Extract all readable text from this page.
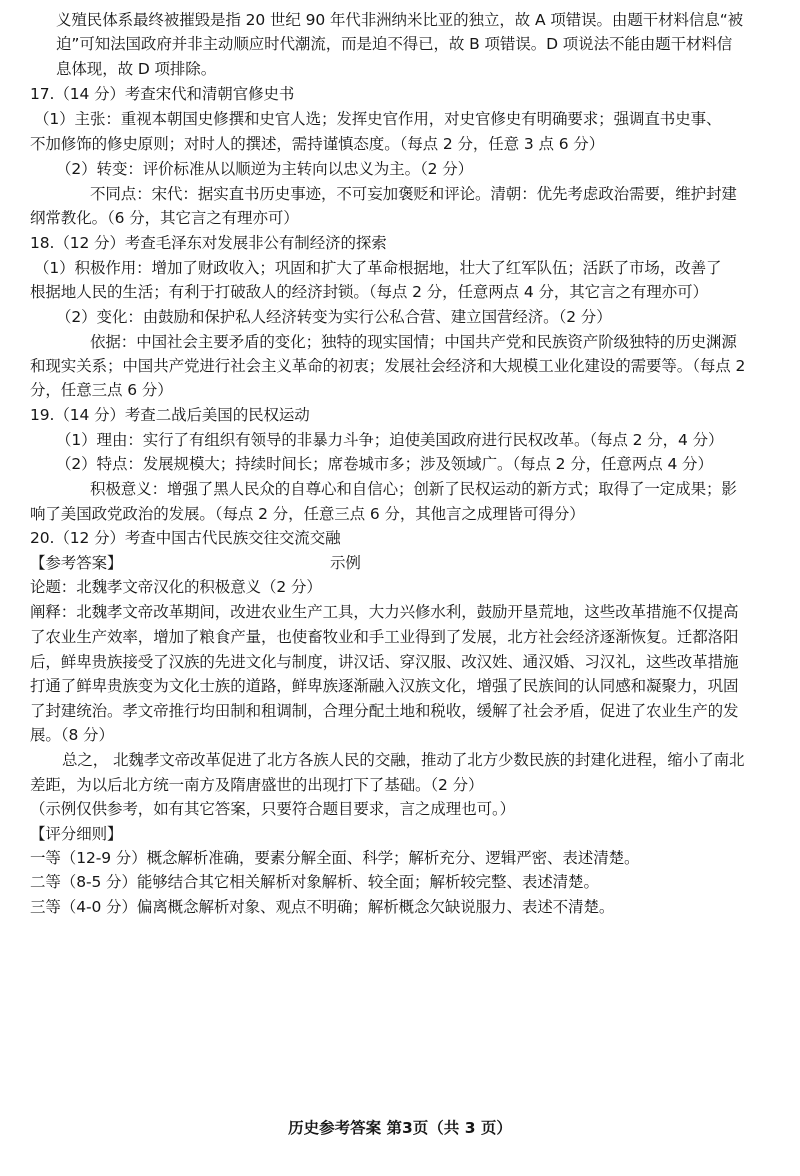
义殖民体系最终被摧毁是指 20 世纪 90 年代非洲纳米比亚的独立，故 A 项错误。由题干材料信息“被
迫”可知法国政府并非主动顺应时代潮流，而是迫不得已，故 B 项错误。D 项说法不能由题干材料信
息体现，故 D 项排除。
17.（14 分）考查宋代和清朝官修史书
（1）主张：重视本朝国史修撰和史官人选；发挥史官作用，对史官修史有明确要求；强调直书史事、
不加修饰的修史原则；对时人的撰述，需持谨慎态度。（每点 2 分，任意 3 点 6 分）
（2）转变：评价标准从以顺逆为主转向以忠义为主。（2 分）
不同点：宋代：据实直书历史事迹，不可妄加褒贬和评论。清朝：优先考虑政治需要，维护封建
纲常教化。（6 分，其它言之有理亦可）
18.（12 分）考查毛泽东对发展非公有制经济的探索
（1）积极作用：增加了财政收入；巩固和扩大了革命根据地，壮大了红军队伍；活跃了市场，改善了
根据地人民的生活；有利于打破敌人的经济封锁。（每点 2 分，任意两点 4 分，其它言之有理亦可）
（2）变化：由鼓励和保护私人经济转变为实行公私合营、建立国营经济。（2 分）
依据：中国社会主要矛盾的变化；独特的现实国情；中国共产党和民族资产阶级独特的历史渊源
和现实关系；中国共产党进行社会主义革命的初衷；发展社会经济和大规模工业化建设的需要等。（每点 2
分，任意三点 6 分）
19.（14 分）考查二战后美国的民权运动
（1）理由：实行了有组织有领导的非暴力斗争；迫使美国政府进行民权改革。（每点 2 分，4 分）
（2）特点：发展规模大；持续时间长；席卷城市多；涉及领域广。（每点 2 分，任意两点 4 分）
积极意义：增强了黑人民众的自尊心和自信心；创新了民权运动的新方式；取得了一定成果；影
响了美国政党政治的发展。（每点 2 分，任意三点 6 分，其他言之成理皆可得分）
20.（12 分）考查中国古代民族交往交流交融
【参考答案】	示例
论题：北魏孝文帝汉化的积极意义（2 分）
阐释：北魏孝文帝改革期间，改进农业生产工具，大力兴修水利，鼓励开垦荒地，这些改革措施不仅提高
了农业生产效率，增加了粮食产量，也使畜牧业和手工业得到了发展，北方社会经济逐渐恢复。迁都洛阳
后，鲜卑贵族接受了汉族的先进文化与制度，讲汉话、穿汉服、改汉姓、通汉婚、习汉礼，这些改革措施
打通了鲜卑贵族变为文化士族的道路，鲜卑族逐渐融入汉族文化，增强了民族间的认同感和凝聚力，巩固
了封建统治。孝文帝推行均田制和租调制，合理分配土地和税收，缓解了社会矛盾，促进了农业生产的发
展。（8 分）
总之， 北魏孝文帝改革促进了北方各族人民的交融，推动了北方少数民族的封建化进程，缩小了南北
差距，为以后北方统一南方及隋唐盛世的出现打下了基础。（2 分）
（示例仅供参考，如有其它答案，只要符合题目要求，言之成理也可。）
【评分细则】
一等（12-9 分）概念解析准确，要素分解全面、科学；解析充分、逻辑严密、表述清楚。
二等（8-5 分）能够结合其它相关解析对象解析、较全面；解析较完整、表述清楚。
三等（4-0 分）偏离概念解析对象、观点不明确；解析概念欠缺说服力、表述不清楚。
历史参考答案 第3页（共 3 页）
